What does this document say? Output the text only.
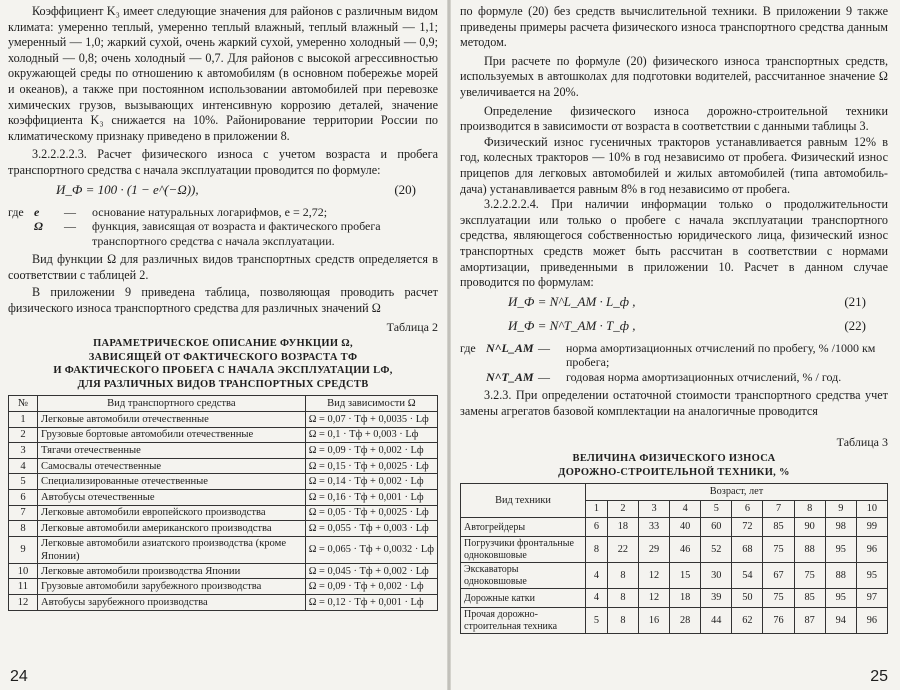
Коэффициент K₃ имеет следующие значения для районов с различным видом климата: умеренно теплый, умеренно теплый влажный, теплый влажный — 1,1; умеренный — 1,0; жаркий сухой, очень жаркий сухой, умеренно холодный — 0,9; холодный — 0,8; очень холодный — 0,7. Для районов с высокой агрессивностью окружающей среды по отношению к автомобилям (в основном побережье морей и океанов), а также при постоянном использовании автомобилей при перевозке химических грузов, вызывающих интенсивную коррозию деталей, значение коэффициента K₃ снижается на 10%. Районирование территории России по климатическому признаку приведено в приложении 8.

3.2.2.2.2.3. Расчет физического износа с учетом возраста и пробега транспортного средства с начала эксплуатации проводится по формуле:

И_Ф = 100 · (1 − e^(−Ω)),	(20)
где e	—	основание натуральных логарифмов, e = 2,72;
Ω	—	функция, зависящая от возраста и фактического пробега транспортного средства с начала эксплуатации.

Вид функции Ω для различных видов транспортных средств определяется в соответствии с таблицей 2.

В приложении 9 приведена таблица, позволяющая проводить расчет физического износа транспортного средства для различных значений Ω

Таблица 2
ПАРАМЕТРИЧЕСКОЕ ОПИСАНИЕ ФУНКЦИИ Ω,
ЗАВИСЯЩЕЙ ОТ ФАКТИЧЕСКОГО ВОЗРАСТА TФ
И ФАКТИЧЕСКОГО ПРОБЕГА С НАЧАЛА ЭКСПЛУАТАЦИИ LФ,
ДЛЯ РАЗЛИЧНЫХ ВИДОВ ТРАНСПОРТНЫХ СРЕДСТВ
№	Вид транспортного средства	Вид зависимости Ω
1	Легковые автомобили отечественные	Ω = 0,07 · Tф + 0,0035 · Lф
2	Грузовые бортовые автомобили отечественные	Ω = 0,1 · Tф + 0,003 · Lф
3	Тягачи отечественные	Ω = 0,09 · Tф + 0,002 · Lф
4	Самосвалы отечественные	Ω = 0,15 · Tф + 0,0025 · Lф
5	Специализированные отечественные	Ω = 0,14 · Tф + 0,002 · Lф
6	Автобусы отечественные	Ω = 0,16 · Tф + 0,001 · Lф
7	Легковые автомобили европейского производства	Ω = 0,05 · Tф + 0,0025 · Lф
8	Легковые автомобили американского производства	Ω = 0,055 · Tф + 0,003 · Lф
9	Легковые автомобили азиатского производства (кроме Японии)	Ω = 0,065 · Tф + 0,0032 · Lф
10	Легковые автомобили производства Японии	Ω = 0,045 · Tф + 0,002 · Lф
11	Грузовые автомобили зарубежного производства	Ω = 0,09 · Tф + 0,002 · Lф
12	Автобусы зарубежного производства	Ω = 0,12 · Tф + 0,001 · Lф
24

по формуле (20) без средств вычислительной техники. В приложении 9 также приведены примеры расчета физического износа транспортного средства данным методом.

При расчете по формуле (20) физического износа транспортных средств, используемых в автошколах для подготовки водителей, рассчитанное значение Ω увеличивается на 20%.

Определение физического износа дорожно-строительной техники производится в зависимости от возраста в соответствии с данными таблицы 3.

Физический износ гусеничных тракторов устанавливается равным 12% в год, колесных тракторов — 10% в год независимо от пробега. Физический износ прицепов для легковых автомобилей и жилых автомобилей (типа автомобиль-дача) устанавливается равным 8% в год независимо от пробега.

3.2.2.2.2.4. При наличии информации только о продолжительности эксплуатации или только о пробеге с начала эксплуатации транспортного средства, являющегося собственностью юридического лица, физический износ транспортных средств может быть рассчитан в соответствии с нормами амортизации, приведенными в приложении 10. Расчет в данном случае проводится по формулам:

И_Ф = N^L_AM · L_ф ,	(21)
И_Ф = N^T_AM · T_ф ,	(22)
где N^L_AM —	норма амортизационных отчислений по пробегу, % /1000 км пробега;
N^T_AM —	годовая норма амортизационных отчислений, % / год.

3.2.3. При определении остаточной стоимости транспортного средства учет замены агрегатов базовой комплектации на аналогичные проводится

Таблица 3
ВЕЛИЧИНА ФИЗИЧЕСКОГО ИЗНОСА
ДОРОЖНО-СТРОИТЕЛЬНОЙ ТЕХНИКИ, %
Вид техники	Возраст, лет									
	1	2	3	4	5	6	7	8	9	10
Автогрейдеры	6	18	33	40	60	72	85	90	98	99
Погрузчики фронтальные одноковшовые	8	22	29	46	52	68	75	88	95	96
Экскаваторы одноковшовые	4	8	12	15	30	54	67	75	88	95
Дорожные катки	4	8	12	18	39	50	75	85	95	97
Прочая дорожно-строительная техника	5	8	16	28	44	62	76	87	94	96
25
